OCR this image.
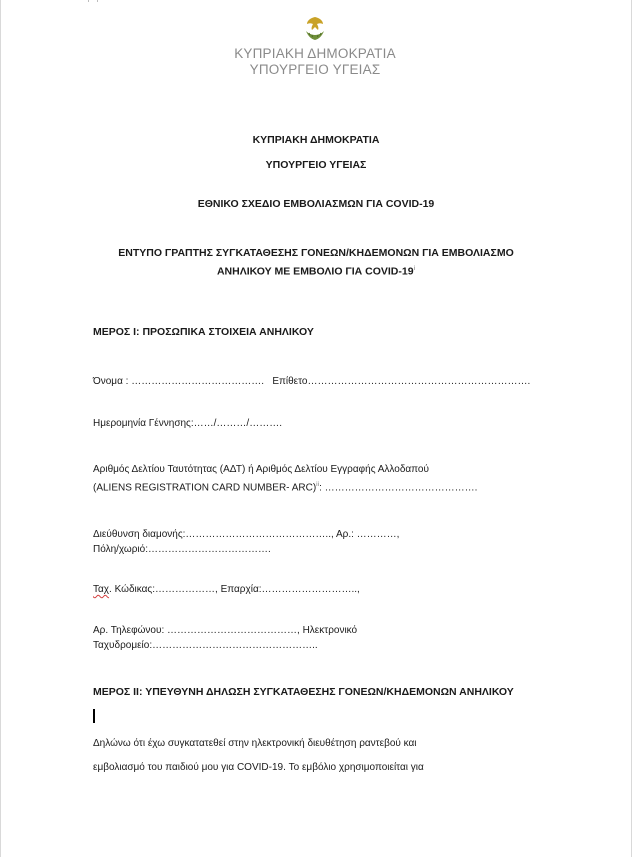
ΚΥΠΡΙΑΚΗ ΔΗΜΟΚΡΑΤΙΑ
ΥΠΟΥΡΓΕΙΟ ΥΓΕΙΑΣ
ΚΥΠΡΙΑΚΗ ΔΗΜΟΚΡΑΤΙΑ
ΥΠΟΥΡΓΕΙΟ ΥΓΕΙΑΣ
ΕΘΝΙΚΟ ΣΧΕΔΙΟ ΕΜΒΟΛΙΑΣΜΩΝ ΓΙΑ COVID-19
ΕΝΤΥΠΟ ΓΡΑΠΤΗΣ ΣΥΓΚΑΤΑΘΕΣΗΣ ΓΟΝΕΩΝ/ΚΗΔΕΜΟΝΩΝ ΓΙΑ ΕΜΒΟΛΙΑΣΜΟ
ΑΝΗΛΙΚΟΥ ΜΕ ΕΜΒΟΛΙΟ ΓΙΑ COVID-19$^i$
ΜΕΡΟΣ Ι: ΠΡΟΣΩΠΙΚΑ ΣΤΟΙΧΕΙΑ ΑΝΗΛΙΚΟΥ
Όνομα : …………………………………. Επίθετο………………………………………………………….
Ημερομηνία Γέννησης:……/………/……….
Αριθμός Δελτίου Ταυτότητας (ΑΔΤ) ή Αριθμός Δελτίου Εγγραφής Αλλοδαπού
(ALIENS REGISTRATION CARD NUMBER- ARC)$^{ii}$: ……………………………………….
Διεύθυνση διαμονής:…………………………………….., Αρ.: …………,
Πόλη/χωριό:……………………………….
Ταχ. Κώδικας:………………, Επαρχία:………………………..,
Αρ. Τηλεφώνου: …………………………………, Ηλεκτρονικό
Ταχυδρομείο:…………………………………………..
ΜΕΡΟΣ ΙΙ: ΥΠΕΥΘΥΝΗ ΔΗΛΩΣΗ ΣΥΓΚΑΤΑΘΕΣΗΣ ΓΟΝΕΩΝ/ΚΗΔΕΜΟΝΩΝ ΑΝΗΛΙΚΟΥ
Δηλώνω ότι έχω συγκατατεθεί στην ηλεκτρονική διευθέτηση ραντεβού και
εμβολιασμό του παιδιού μου για COVID-19. Το εμβόλιο χρησιμοποιείται για
